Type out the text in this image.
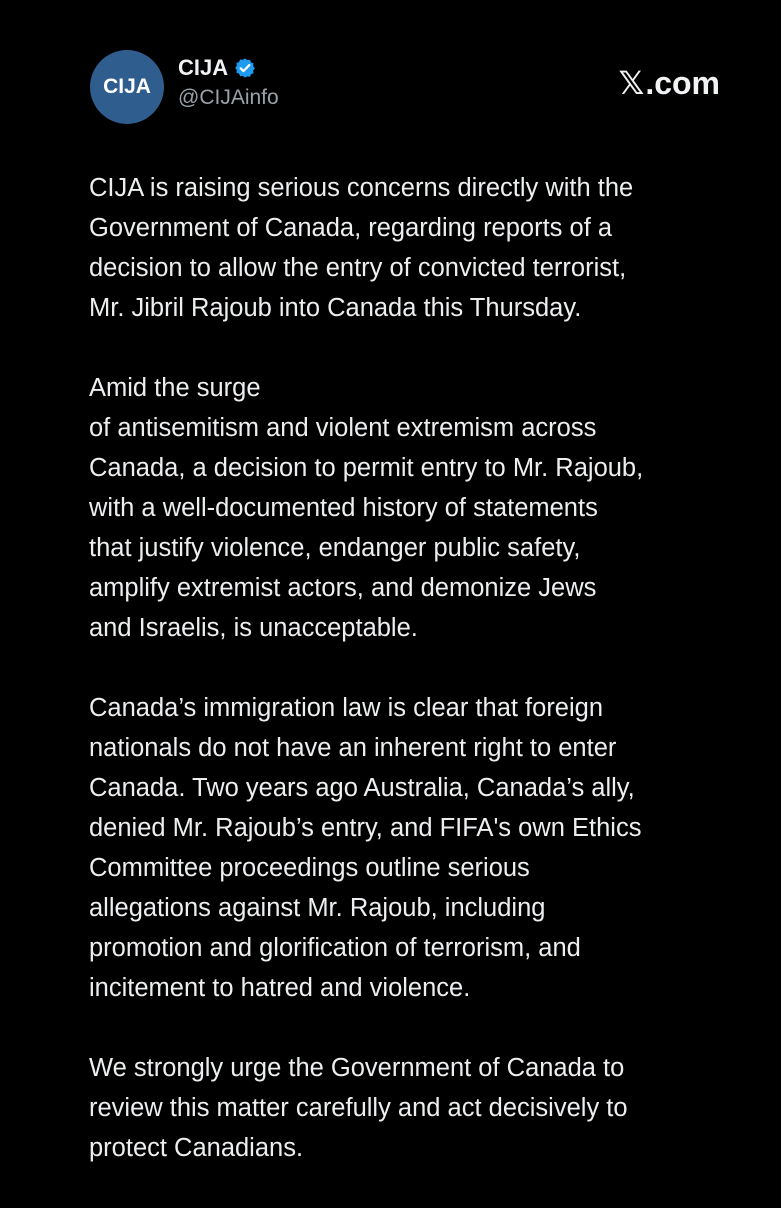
CIJA
CIJA
@CIJAinfo	𝕏 .com

CIJA is raising serious concerns directly with the
Government of Canada, regarding reports of a
decision to allow the entry of convicted terrorist,
Mr. Jibril Rajoub into Canada this Thursday.

Amid the surge
of antisemitism and violent extremism across
Canada, a decision to permit entry to Mr. Rajoub,
with a well-documented history of statements
that justify violence, endanger public safety,
amplify extremist actors, and demonize Jews
and Israelis, is unacceptable.

Canada’s immigration law is clear that foreign
nationals do not have an inherent right to enter
Canada. Two years ago Australia, Canada’s ally,
denied Mr. Rajoub’s entry, and FIFA's own Ethics
Committee proceedings outline serious
allegations against Mr. Rajoub, including
promotion and glorification of terrorism, and
incitement to hatred and violence.

We strongly urge the Government of Canada to
review this matter carefully and act decisively to
protect Canadians.
